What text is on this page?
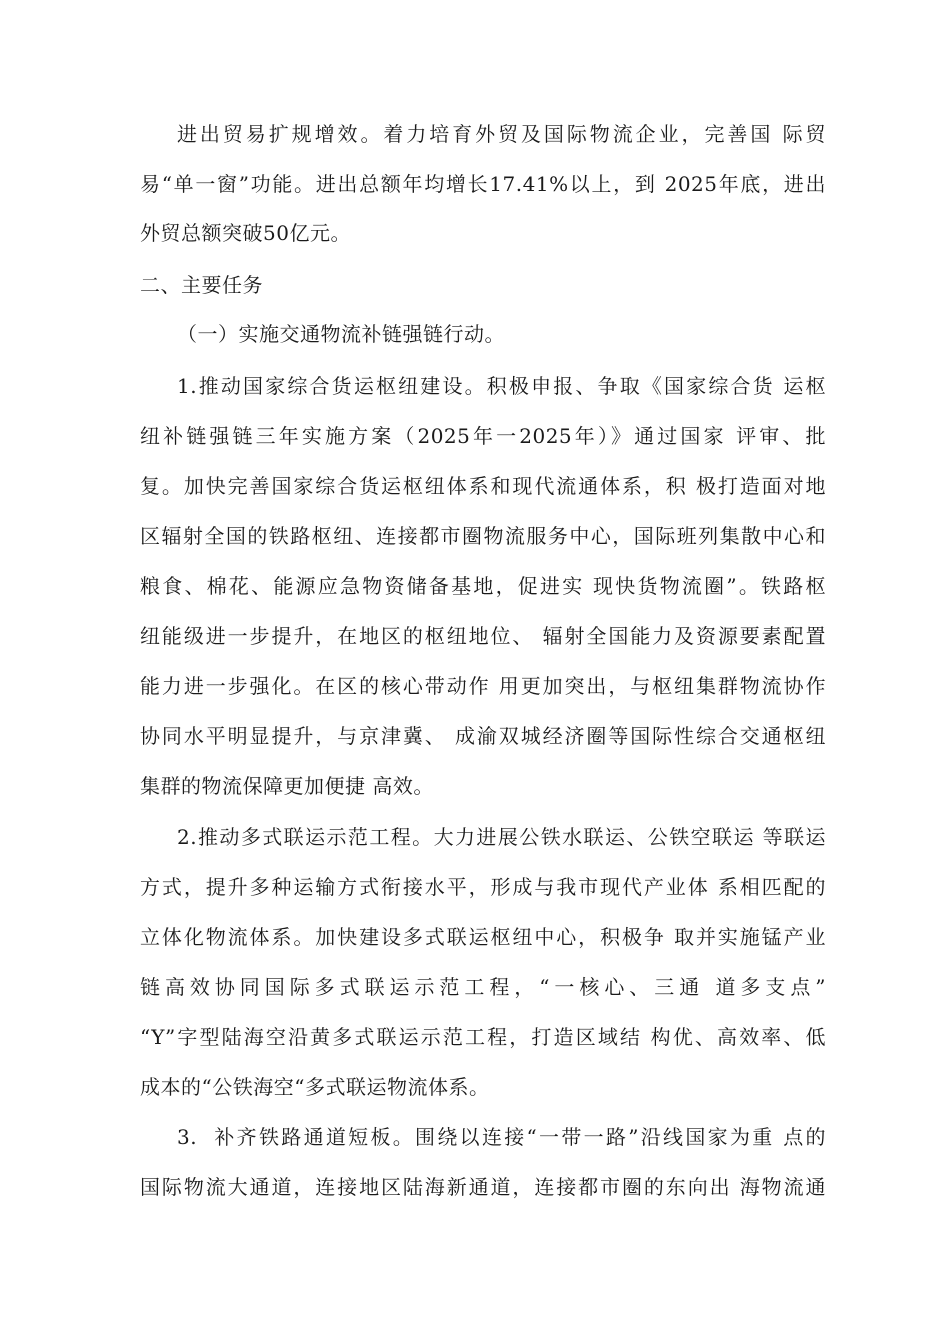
进出贸易扩规增效。着力培育外贸及国际物流企业，完善国 际贸
易“单一窗”功能。进出总额年均增长17.41%以上，到 2025年底，进出
外贸总额突破50亿元。
二、主要任务
（一）实施交通物流补链强链行动。
1.推动国家综合货运枢纽建设。积极申报、争取《国家综合货 运枢
纽补链强链三年实施方案（2025年一2025年）》通过国家 评审、批
复。加快完善国家综合货运枢纽体系和现代流通体系，积 极打造面对地
区辐射全国的铁路枢纽、连接都市圈物流服务中心，国际班列集散中心和
粮食、棉花、能源应急物资储备基地，促进实 现快货物流圈”。铁路枢
纽能级进一步提升，在地区的枢纽地位、 辐射全国能力及资源要素配置
能力进一步强化。在区的核心带动作 用更加突出，与枢纽集群物流协作
协同水平明显提升，与京津冀、 成渝双城经济圈等国际性综合交通枢纽
集群的物流保障更加便捷 高效。
2.推动多式联运示范工程。大力进展公铁水联运、公铁空联运 等联运
方式，提升多种运输方式衔接水平，形成与我市现代产业体 系相匹配的
立体化物流体系。加快建设多式联运枢纽中心，积极争 取并实施锰产业
链高效协同国际多式联运示范工程，“一核心、三通 道多支点”
“Y”字型陆海空沿黄多式联运示范工程，打造区域结 构优、高效率、低
成本的“公铁海空“多式联运物流体系。
3.  补齐铁路通道短板。围绕以连接“一带一路”沿线国家为重 点的
国际物流大通道，连接地区陆海新通道，连接都市圈的东向出 海物流通
